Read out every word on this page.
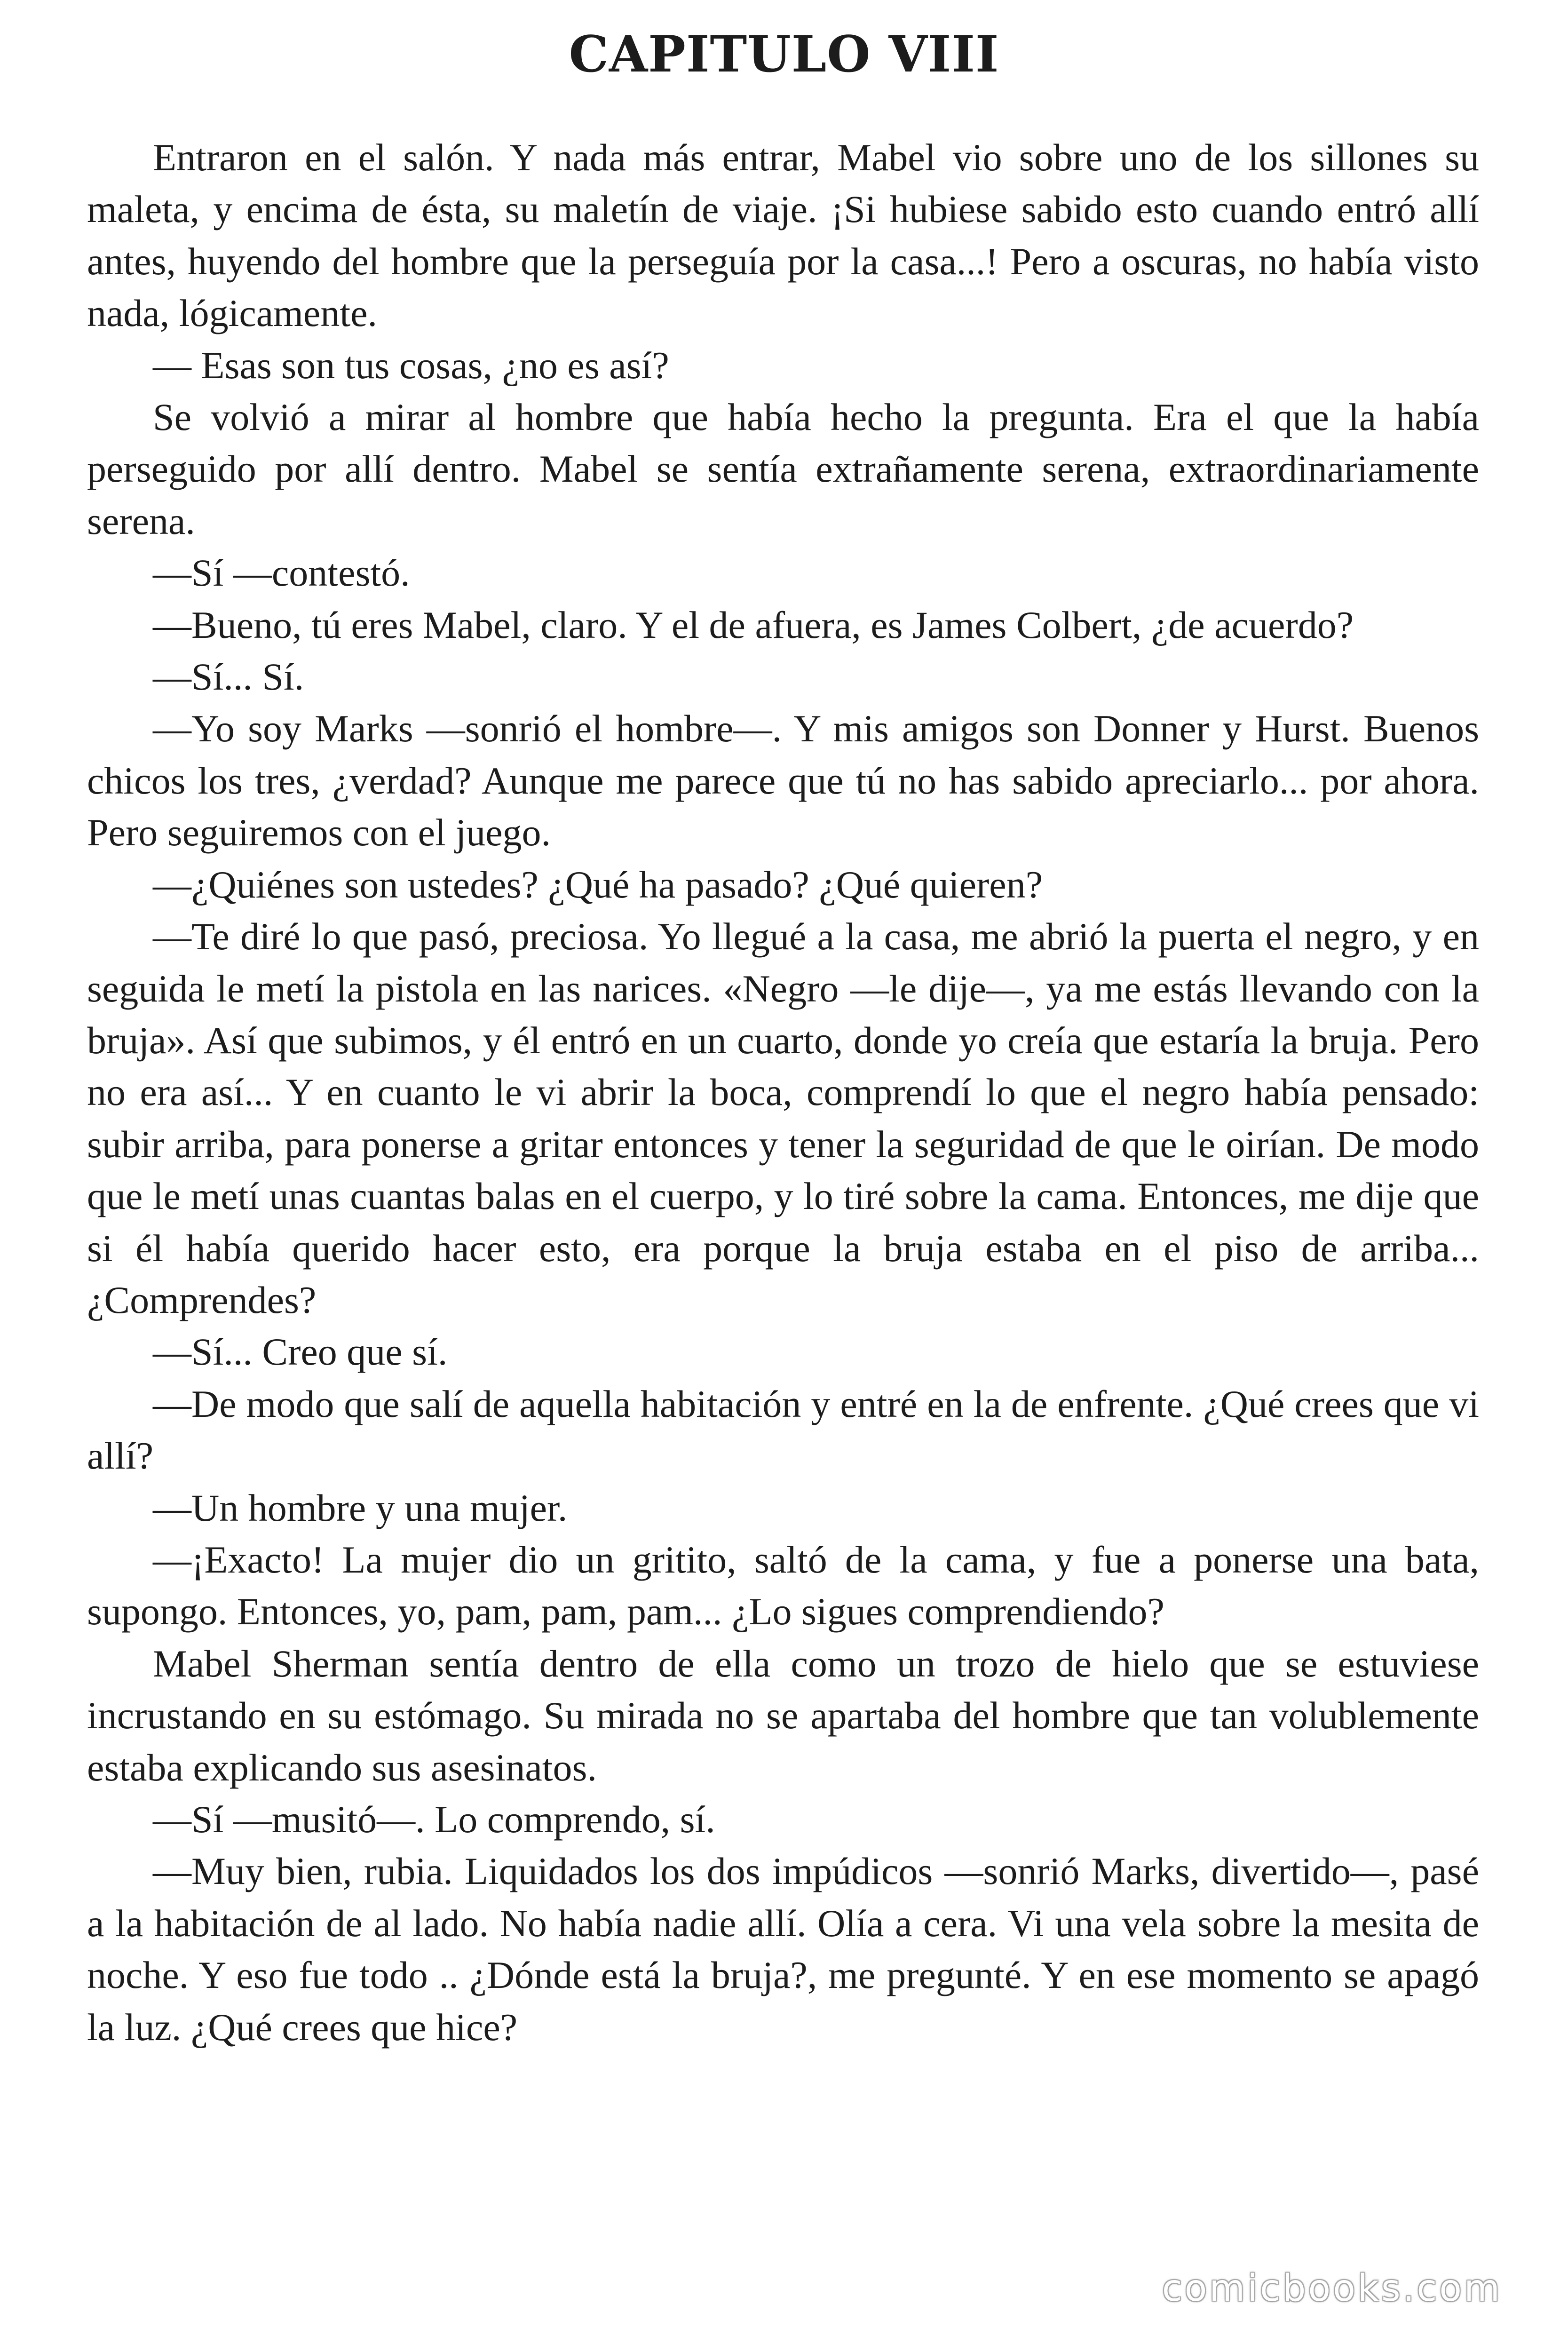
CAPITULO VIII

Entraron en el salón. Y nada más entrar, Mabel vio sobre uno de los sillones su maleta, y encima de ésta, su maletín de viaje. ¡Si hubiese sabido esto cuando entró allí antes, huyendo del hombre que la perseguía por la casa...! Pero a oscuras, no había visto nada, lógicamente.

— Esas son tus cosas, ¿no es así?

Se volvió a mirar al hombre que había hecho la pregunta. Era el que la había perseguido por allí dentro. Mabel se sentía extrañamente serena, extraordinariamente serena.

—Sí —contestó.

—Bueno, tú eres Mabel, claro. Y el de afuera, es James Colbert, ¿de acuerdo?

—Sí... Sí.

—Yo soy Marks —sonrió el hombre—. Y mis amigos son Donner y Hurst. Buenos chicos los tres, ¿verdad? Aunque me parece que tú no has sabido apreciarlo... por ahora. Pero seguiremos con el juego.

—¿Quiénes son ustedes? ¿Qué ha pasado? ¿Qué quieren?

—Te diré lo que pasó, preciosa. Yo llegué a la casa, me abrió la puerta el negro, y en seguida le metí la pistola en las narices. «Negro —le dije—, ya me estás llevando con la bruja». Así que subimos, y él entró en un cuarto, donde yo creía que estaría la bruja. Pero no era así... Y en cuanto le vi abrir la boca, comprendí lo que el negro había pensado: subir arriba, para ponerse a gritar entonces y tener la seguridad de que le oirían. De modo que le metí unas cuantas balas en el cuerpo, y lo tiré sobre la cama. Entonces, me dije que si él había querido hacer esto, era porque la bruja estaba en el piso de arriba... ¿Comprendes?

—Sí... Creo que sí.

—De modo que salí de aquella habitación y entré en la de enfrente. ¿Qué crees que vi allí?

—Un hombre y una mujer.

—¡Exacto! La mujer dio un gritito, saltó de la cama, y fue a ponerse una bata, supongo. Entonces, yo, pam, pam, pam... ¿Lo sigues comprendiendo?

Mabel Sherman sentía dentro de ella como un trozo de hielo que se estuviese incrustando en su estómago. Su mirada no se apartaba del hombre que tan volublemente estaba explicando sus asesinatos.

—Sí —musitó—. Lo comprendo, sí.

—Muy bien, rubia. Liquidados los dos impúdicos —sonrió Marks, divertido—, pasé a la habitación de al lado. No había nadie allí. Olía a cera. Vi una vela sobre la mesita de noche. Y eso fue todo .. ¿Dónde está la bruja?, me pregunté. Y en ese momento se apagó la luz. ¿Qué crees que hice?

comicbooks.com
